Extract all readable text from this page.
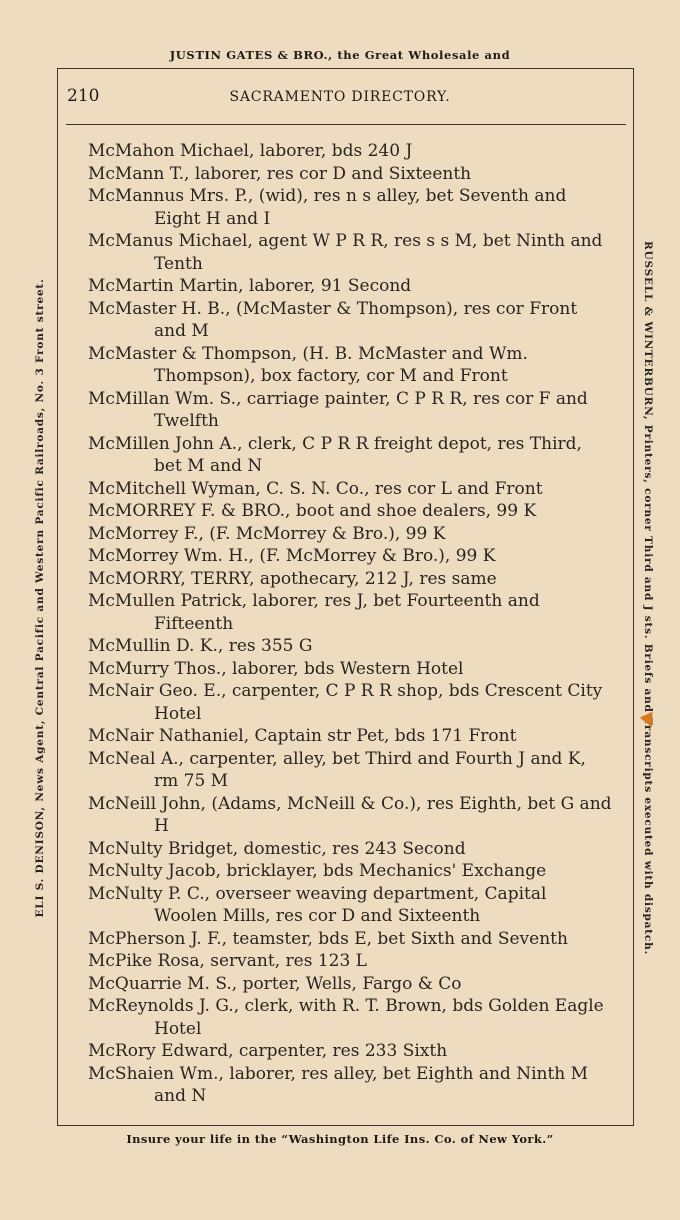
JUSTIN GATES & BRO., the Great Wholesale and
210	SACRAMENTO DIRECTORY.
ELI S. DENISON, News Agent, Central Pacific and Western Pacific Railroads, No. 3 Front street.	RUSSELL & WINTERBURN, Printers, corner Third and J sts. Briefs and Transcripts executed with dispatch.
McMahon Michael, laborer, bds 240 J
McMann T., laborer, res cor D and Sixteenth
McMannus Mrs. P., (wid), res n s alley, bet Seventh and Eight H and I
McManus Michael, agent W P R R, res s s M, bet Ninth and Tenth
McMartin Martin, laborer, 91 Second
McMaster H. B., (McMaster & Thompson), res cor Front and M
McMaster & Thompson, (H. B. McMaster and Wm. Thompson), box factory, cor M and Front
McMillan Wm. S., carriage painter, C P R R, res cor F and Twelfth
McMillen John A., clerk, C P R R freight depot, res Third, bet M and N
McMitchell Wyman, C. S. N. Co., res cor L and Front
McMORREY F. & BRO., boot and shoe dealers, 99 K
McMorrey F., (F. McMorrey & Bro.), 99 K
McMorrey Wm. H., (F. McMorrey & Bro.), 99 K
McMORRY, TERRY, apothecary, 212 J, res same
McMullen Patrick, laborer, res J, bet Fourteenth and Fifteenth
McMullin D. K., res 355 G
McMurry Thos., laborer, bds Western Hotel
McNair Geo. E., carpenter, C P R R shop, bds Crescent City Hotel
McNair Nathaniel, Captain str Pet, bds 171 Front
McNeal A., carpenter, alley, bet Third and Fourth J and K, rm 75 M
McNeill John, (Adams, McNeill & Co.), res Eighth, bet G and H
McNulty Bridget, domestic, res 243 Second
McNulty Jacob, bricklayer, bds Mechanics' Exchange
McNulty P. C., overseer weaving department, Capital Woolen Mills, res cor D and Sixteenth
McPherson J. F., teamster, bds E, bet Sixth and Seventh
McPike Rosa, servant, res 123 L
McQuarrie M. S., porter, Wells, Fargo & Co
McReynolds J. G., clerk, with R. T. Brown, bds Golden Eagle Hotel
McRory Edward, carpenter, res 233 Sixth
McShaien Wm., laborer, res alley, bet Eighth and Ninth M and N
Insure your life in the “Washington Life Ins. Co. of New York.”
